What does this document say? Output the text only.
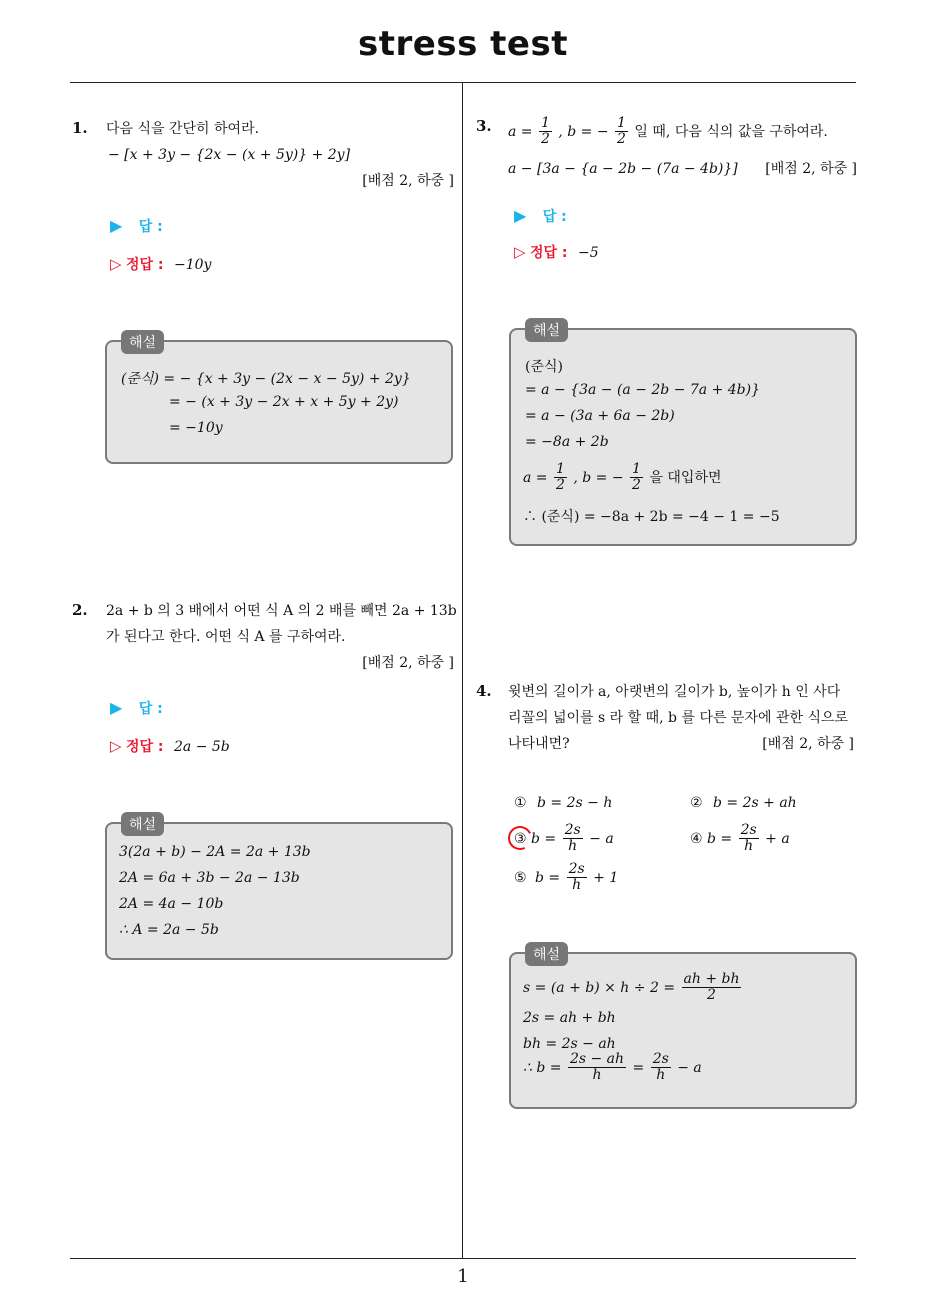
stress test
1. 다음 식을 간단히 하여라.
− [x + 3y − {2x − (x + 5y)} + 2y]
[배점 2, 하중 ]
▶ 답 :
▷ 정답 : −10y
해설
(준식) = − {x + 3y − (2x − x − 5y) + 2y}
= − (x + 3y − 2x + x + 5y + 2y)
= −10y
2. 2a + b 의 3 배에서 어떤 식 A 의 2 배를 빼면 2a + 13b
가 된다고 한다. 어떤 식 A 를 구하여라.
[배점 2, 하중 ]
▶ 답 :
▷ 정답 : 2a − 5b
해설
3(2a + b) − 2A = 2a + 13b
2A = 6a + 3b − 2a − 13b
2A = 4a − 10b
∴ A = 2a − 5b
3. $a = \frac{1}{2}$ , b = − $\frac{1}{2}$ 일 때, 다음 식의 값을 구하여라.
a − [3a − {a − 2b − (7a − 4b)}]	[배점 2, 하중 ]
▶ 답 :
▷ 정답 : −5
해설
(준식)
= a − {3a − (a − 2b − 7a + 4b)}
= a − (3a + 6a − 2b)
= −8a + 2b
$a = \frac{1}{2}$ , b = − $\frac{1}{2}$ 을 대입하면
∴ (준식) = −8a + 2b = −4 − 1 = −5
4. 윗변의 길이가 a, 아랫변의 길이가 b, 높이가 h 인 사다
리꼴의 넓이를 s 라 할 때, b 를 다른 문자에 관한 식으로
나타내면?	[배점 2, 하중 ]
① b = 2s − h	② b = 2s + ah
③ $b = \frac{2s}{h} - a$	④ $b = \frac{2s}{h} + a$
⑤ $b = \frac{2s}{h} + 1$
해설
$s = (a + b) \times h \div 2 = \frac{ah + bh}{2}$
2s = ah + bh
bh = 2s − ah
∴ $b = \frac{2s - ah}{h} = \frac{2s}{h} - a$
1
